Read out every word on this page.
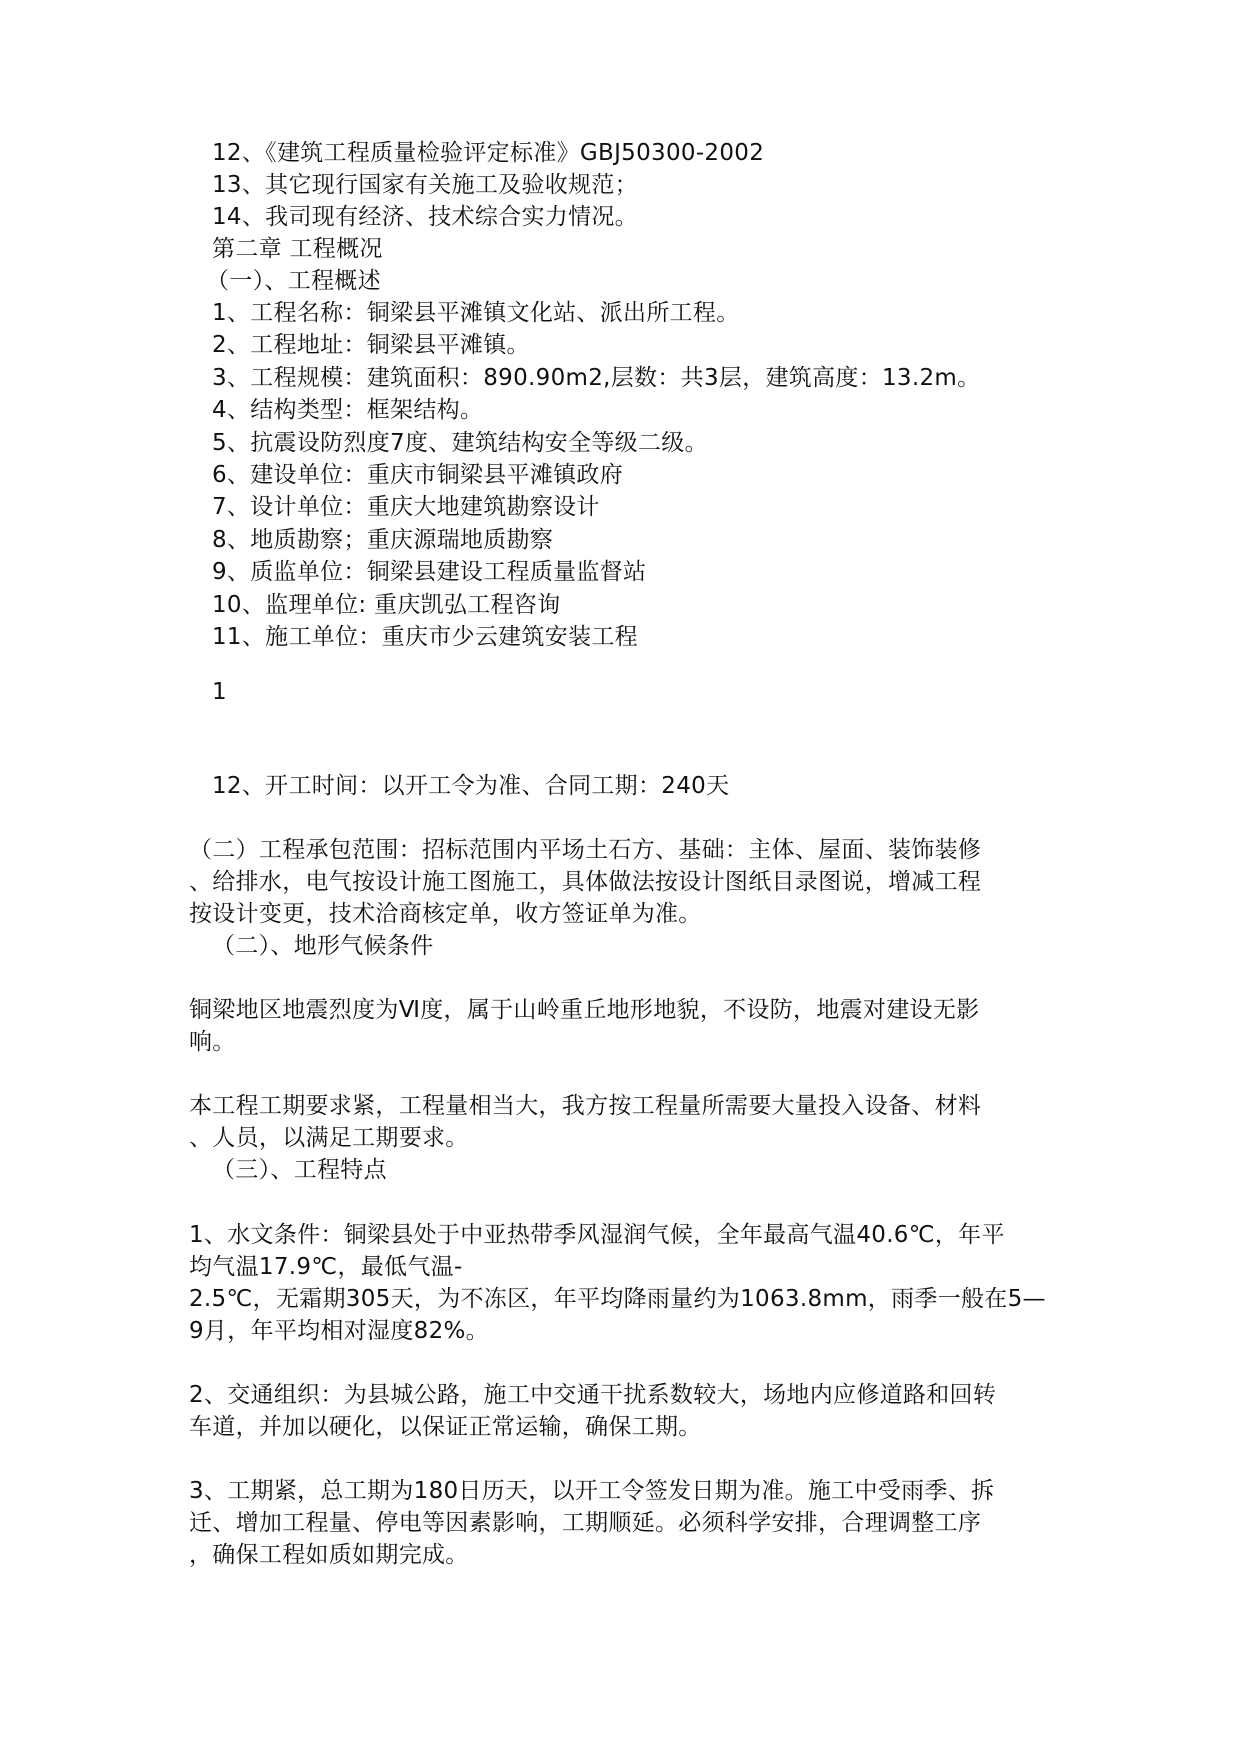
12、《建筑工程质量检验评定标准》GBJ50300-2002
13、其它现行国家有关施工及验收规范；
14、我司现有经济、技术综合实力情况。
第二章 工程概况
（一）、工程概述
1、工程名称：铜梁县平滩镇文化站、派出所工程。
2、工程地址：铜梁县平滩镇。
3、工程规模：建筑面积：890.90m2,层数：共3层，建筑高度：13.2m。
4、结构类型：框架结构。
5、抗震设防烈度7度、建筑结构安全等级二级。
6、建设单位：重庆市铜梁县平滩镇政府
7、设计单位：重庆大地建筑勘察设计
8、地质勘察；重庆源瑞地质勘察
9、质监单位：铜梁县建设工程质量监督站
10、监理单位: 重庆凯弘工程咨询
11、施工单位：重庆市少云建筑安装工程
1
12、开工时间：以开工令为准、合同工期：240天
（二）工程承包范围：招标范围内平场土石方、基础：主体、屋面、装饰装修
、给排水，电气按设计施工图施工，具体做法按设计图纸目录图说，增减工程
按设计变更，技术洽商核定单，收方签证单为准。
（二）、地形气候条件
铜梁地区地震烈度为Ⅵ度，属于山岭重丘地形地貌，不设防，地震对建设无影
响。
本工程工期要求紧，工程量相当大，我方按工程量所需要大量投入设备、材料
、人员，以满足工期要求。
（三）、工程特点
1、水文条件：铜梁县处于中亚热带季风湿润气候，全年最高气温40.6℃，年平
均气温17.9℃，最低气温-
2.5℃，无霜期305天，为不冻区，年平均降雨量约为1063.8mm，雨季一般在5—
9月，年平均相对湿度82%。
2、交通组织：为县城公路，施工中交通干扰系数较大，场地内应修道路和回转
车道，并加以硬化，以保证正常运输，确保工期。
3、工期紧，总工期为180日历天，以开工令签发日期为准。施工中受雨季、拆
迁、增加工程量、停电等因素影响，工期顺延。必须科学安排，合理调整工序
，确保工程如质如期完成。
